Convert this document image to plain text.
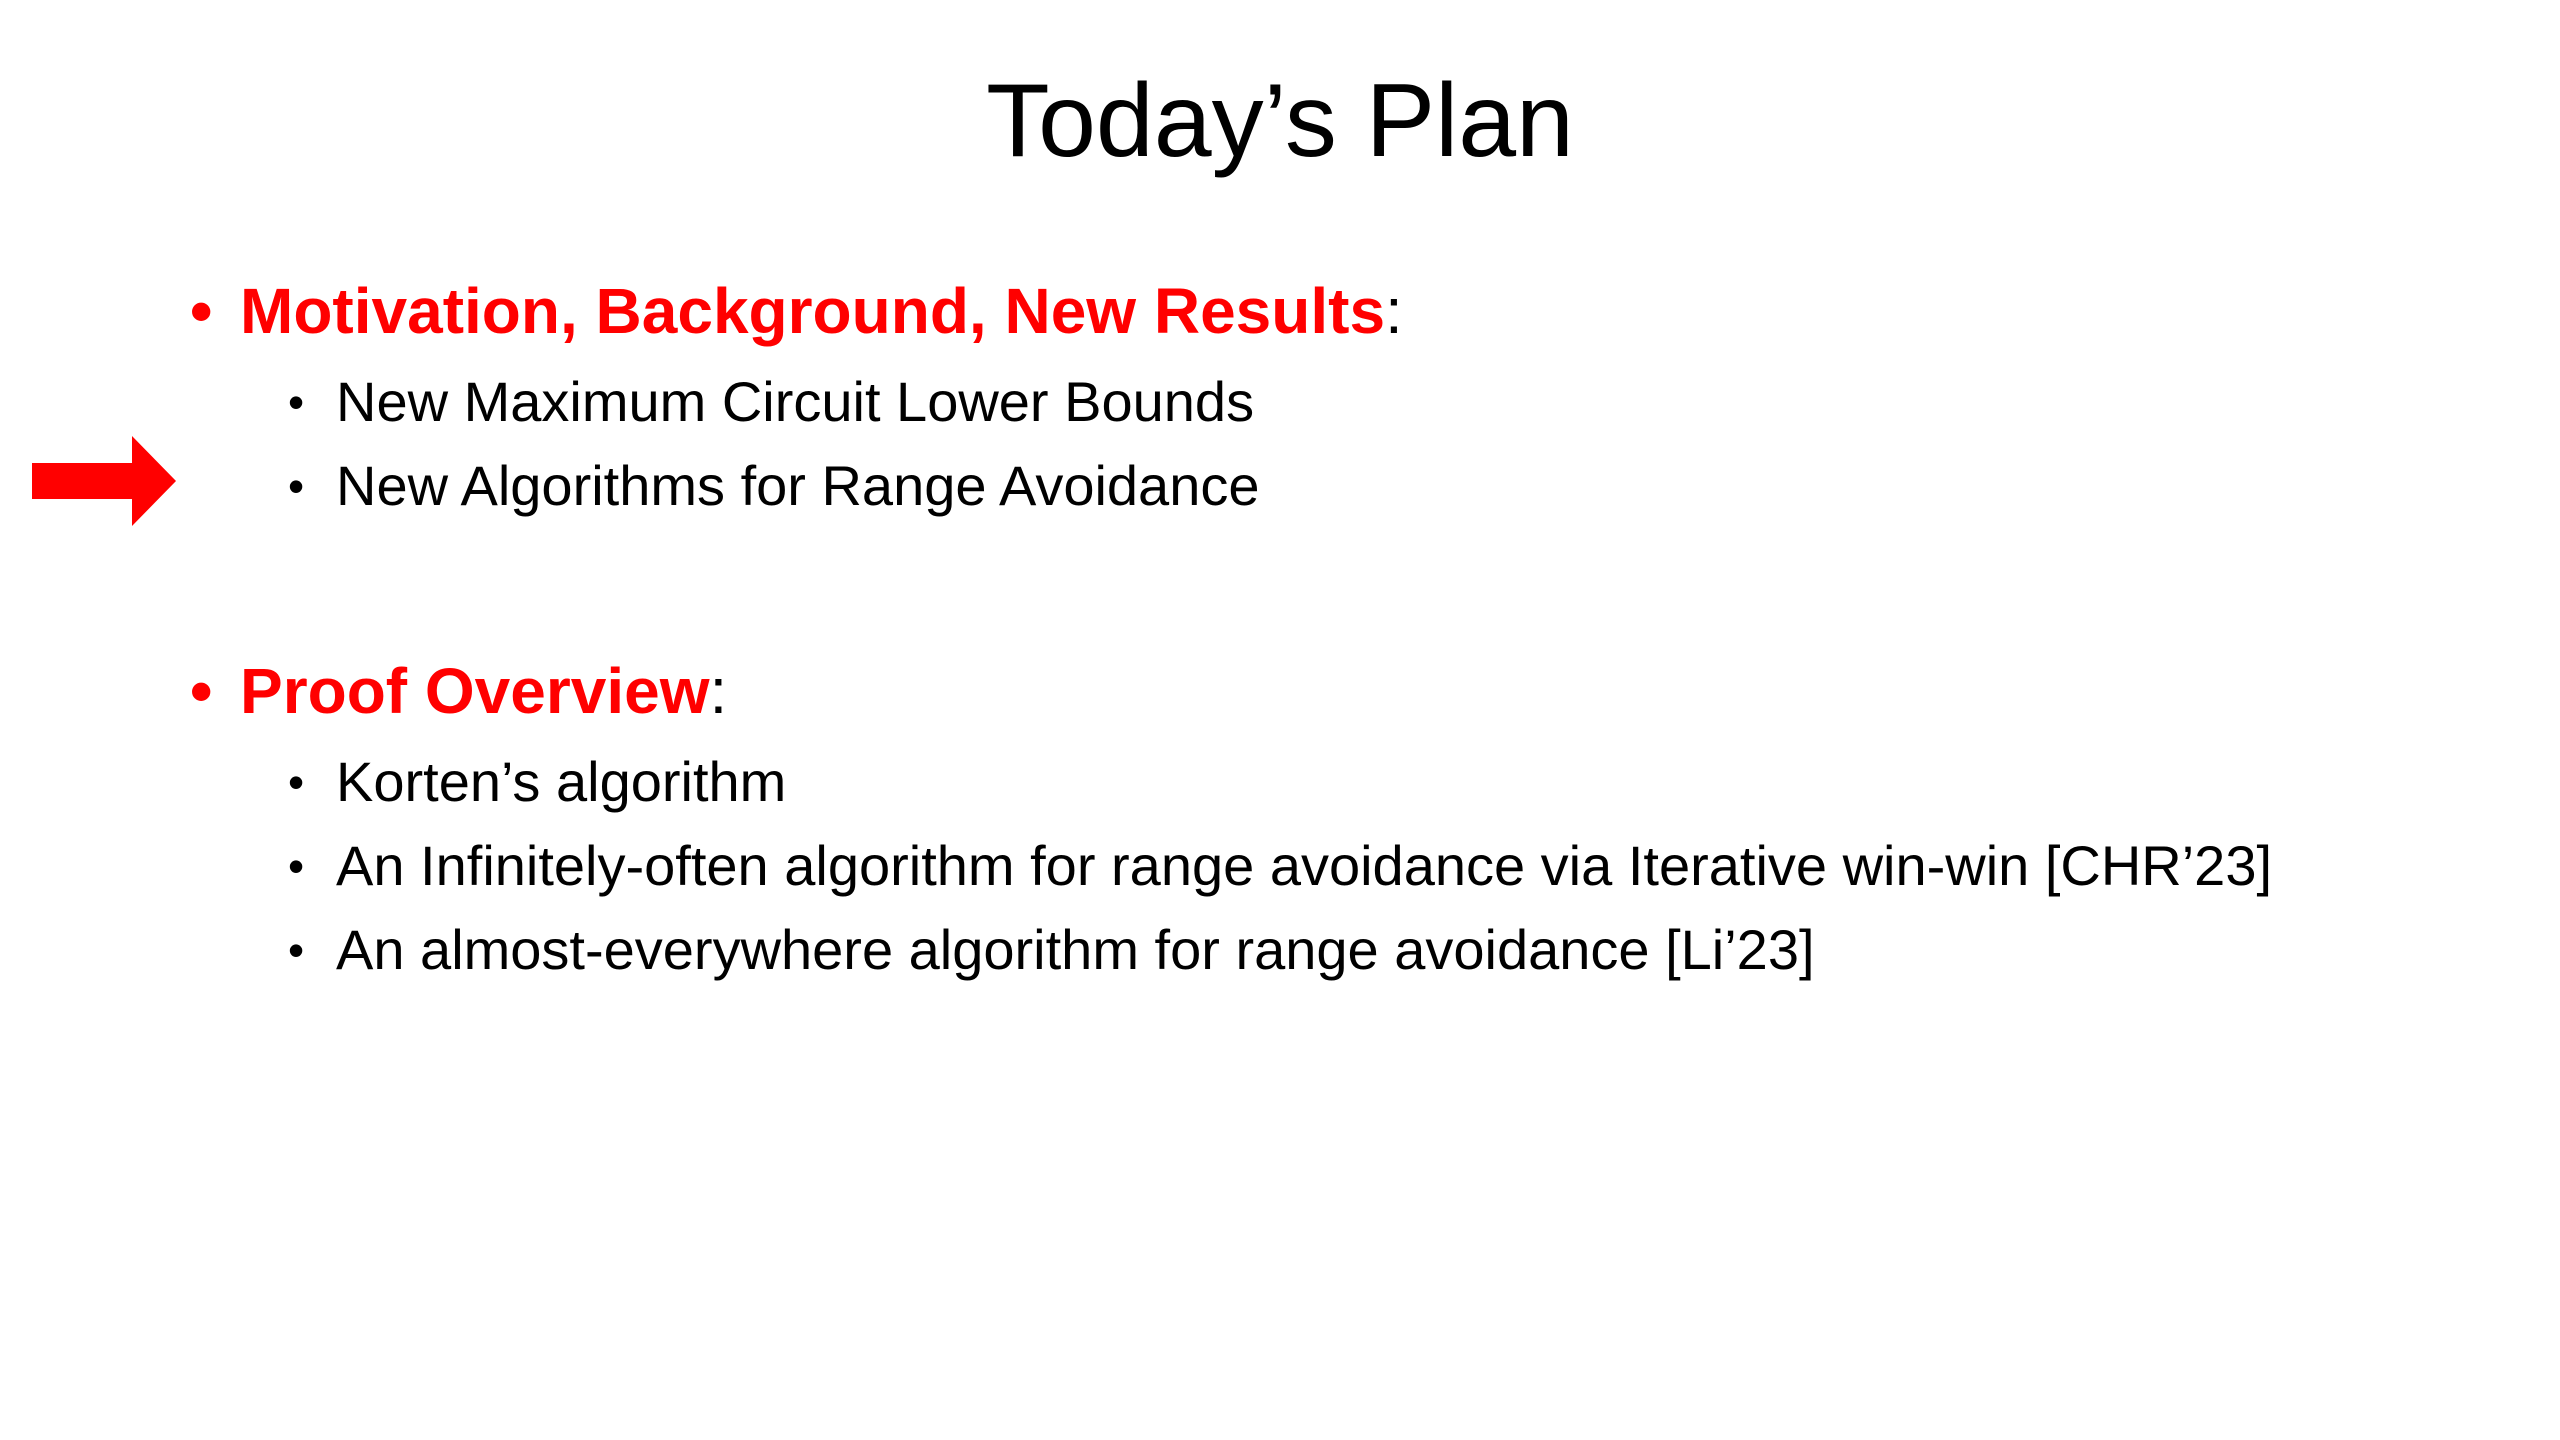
Today’s Plan
• Motivation, Background, New Results:
• New Maximum Circuit Lower Bounds
• New Algorithms for Range Avoidance
• Proof Overview:
• Korten’s algorithm
• An Infinitely-often algorithm for range avoidance via Iterative win-win [CHR’23]
• An almost-everywhere algorithm for range avoidance [Li’23]
